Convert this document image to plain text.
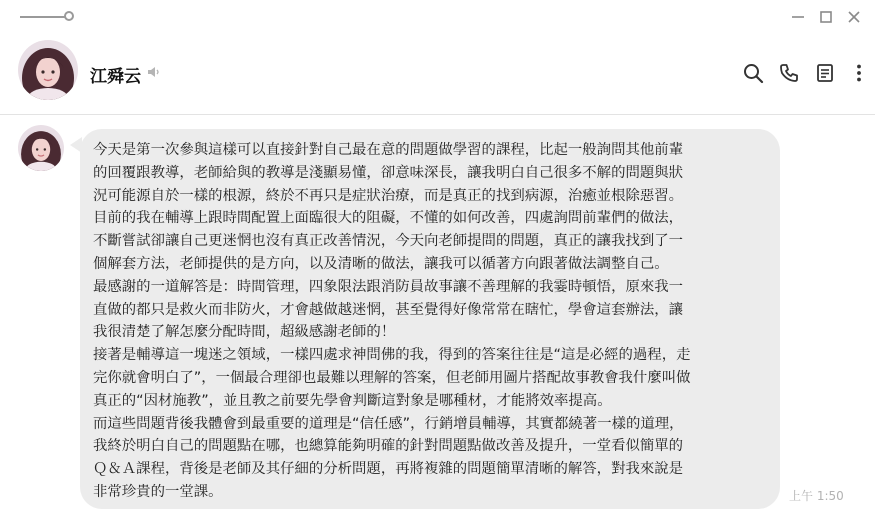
江舜云
今天是第一次參與這樣可以直接針對自己最在意的問題做學習的課程，比起一般詢問其他前輩
的回覆跟教導，老師給與的教導是淺顯易懂，卻意味深長，讓我明白自己很多不解的問題與狀
況可能源自於一樣的根源，終於不再只是症狀治療，而是真正的找到病源，治癒並根除惡習。
目前的我在輔導上跟時間配置上面臨很大的阻礙，不懂的如何改善，四處詢問前輩們的做法，
不斷嘗試卻讓自己更迷惘也沒有真正改善情況，今天向老師提問的問題，真正的讓我找到了一
個解套方法，老師提供的是方向，以及清晰的做法，讓我可以循著方向跟著做法調整自己。
最感謝的一道解答是：時間管理，四象限法跟消防員故事讓不善理解的我霎時頓悟，原來我一
直做的都只是救火而非防火，才會越做越迷惘，甚至覺得好像常常在瞎忙，學會這套辦法，讓
我很清楚了解怎麼分配時間，超級感謝老師的！
接著是輔導這一塊迷之領域，一樣四處求神問佛的我，得到的答案往往是“這是必經的過程，走
完你就會明白了”，一個最合理卻也最難以理解的答案，但老師用圖片搭配故事教會我什麼叫做
真正的“因材施教”，並且教之前要先學會判斷這對象是哪種材，才能將效率提高。
而這些問題背後我體會到最重要的道理是“信任感”，行銷增員輔導，其實都繞著一樣的道理，
我終於明白自己的問題點在哪，也總算能夠明確的針對問題點做改善及提升，一堂看似簡單的
Ｑ＆Ａ課程，背後是老師及其仔細的分析問題，再將複雜的問題簡單清晰的解答，對我來說是
非常珍貴的一堂課。	上午 1:50
